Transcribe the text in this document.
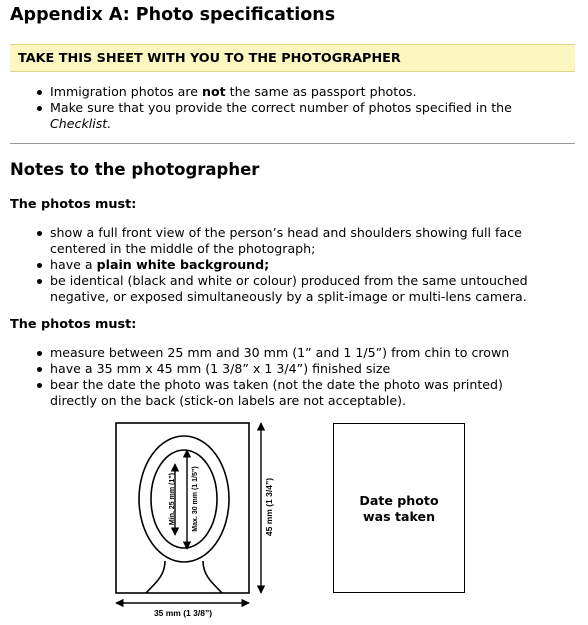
Appendix A: Photo specifications
TAKE THIS SHEET WITH YOU TO THE PHOTOGRAPHER
Immigration photos are not the same as passport photos.
Make sure that you provide the correct number of photos specified in the
Checklist.
Notes to the photographer
The photos must:
show a full front view of the person’s head and shoulders showing full face
centered in the middle of the photograph;
have a plain white background;
be identical (black and white or colour) produced from the same untouched
negative, or exposed simultaneously by a split-image or multi-lens camera.
The photos must:
measure between 25 mm and 30 mm (1” and 1 1/5”) from chin to crown
have a 35 mm x 45 mm (1 3/8” x 1 3/4”) finished size
bear the date the photo was taken (not the date the photo was printed)
directly on the back (stick-on labels are not acceptable).
Min. 25 mm (1”) Max. 30 mm (1 1/5”)	45 mm (1 3/4”)
35 mm (1 3/8”)
Date photo
was taken
